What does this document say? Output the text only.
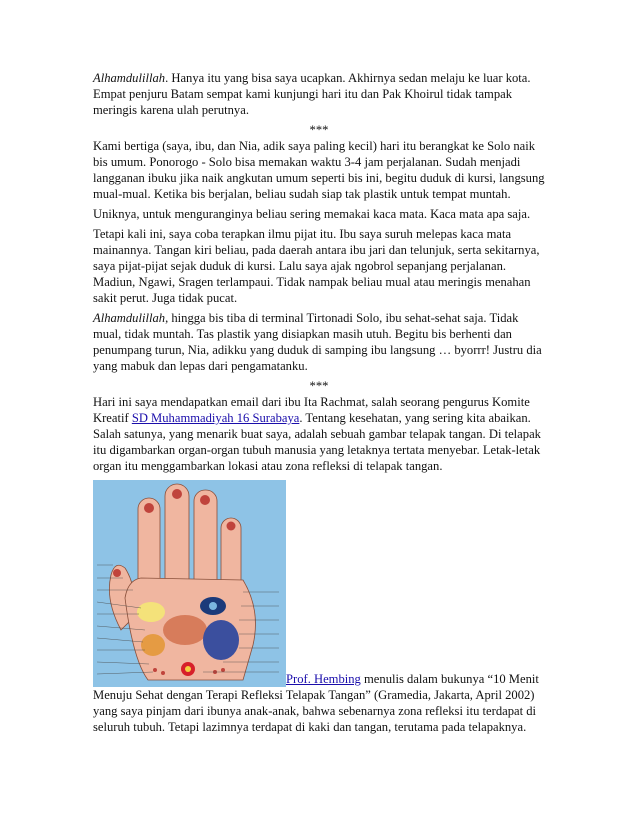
Alhamdulillah. Hanya itu yang bisa saya ucapkan. Akhirnya sedan melaju ke luar kota. Empat penjuru Batam sempat kami kunjungi hari itu dan Pak Khoirul tidak tampak meringis karena ulah perutnya.

***

Kami bertiga (saya, ibu, dan Nia, adik saya paling kecil) hari itu berangkat ke Solo naik bis umum. Ponorogo - Solo bisa memakan waktu 3-4 jam perjalanan. Sudah menjadi langganan ibuku jika naik angkutan umum seperti bis ini, begitu duduk di kursi, langsung mual-mual. Ketika bis berjalan, beliau sudah siap tak plastik untuk tempat muntah.

Uniknya, untuk menguranginya beliau sering memakai kaca mata. Kaca mata apa saja.

Tetapi kali ini, saya coba terapkan ilmu pijat itu. Ibu saya suruh melepas kaca mata mainannya. Tangan kiri beliau, pada daerah antara ibu jari dan telunjuk, serta sekitarnya, saya pijat-pijat sejak duduk di kursi. Lalu saya ajak ngobrol sepanjang perjalanan. Madiun, Ngawi, Sragen terlampaui. Tidak nampak beliau mual atau meringis menahan sakit perut. Juga tidak pucat.

Alhamdulillah, hingga bis tiba di terminal Tirtonadi Solo, ibu sehat-sehat saja. Tidak mual, tidak muntah. Tas plastik yang disiapkan masih utuh. Begitu bis berhenti dan penumpang turun, Nia, adikku yang duduk di samping ibu langsung … byorrr! Justru dia yang mabuk dan lepas dari pengamatanku.

***

Hari ini saya mendapatkan email dari ibu Ita Rachmat, salah seorang pengurus Komite Kreatif SD Muhammadiyah 16 Surabaya. Tentang kesehatan, yang sering kita abaikan. Salah satunya, yang menarik buat saya, adalah sebuah gambar telapak tangan. Di telapak itu digambarkan organ-organ tubuh manusia yang letaknya tertata menyebar. Letak-letak organ itu menggambarkan lokasi atau zona refleksi di telapak tangan.

Prof. Hembing menulis dalam bukunya “10 Menit

Menuju Sehat dengan Terapi Refleksi Telapak Tangan” (Gramedia, Jakarta, April 2002) yang saya pinjam dari ibunya anak-anak, bahwa sebenarnya zona refleksi itu terdapat di seluruh tubuh. Tetapi lazimnya terdapat di kaki dan tangan, terutama pada telapaknya.
